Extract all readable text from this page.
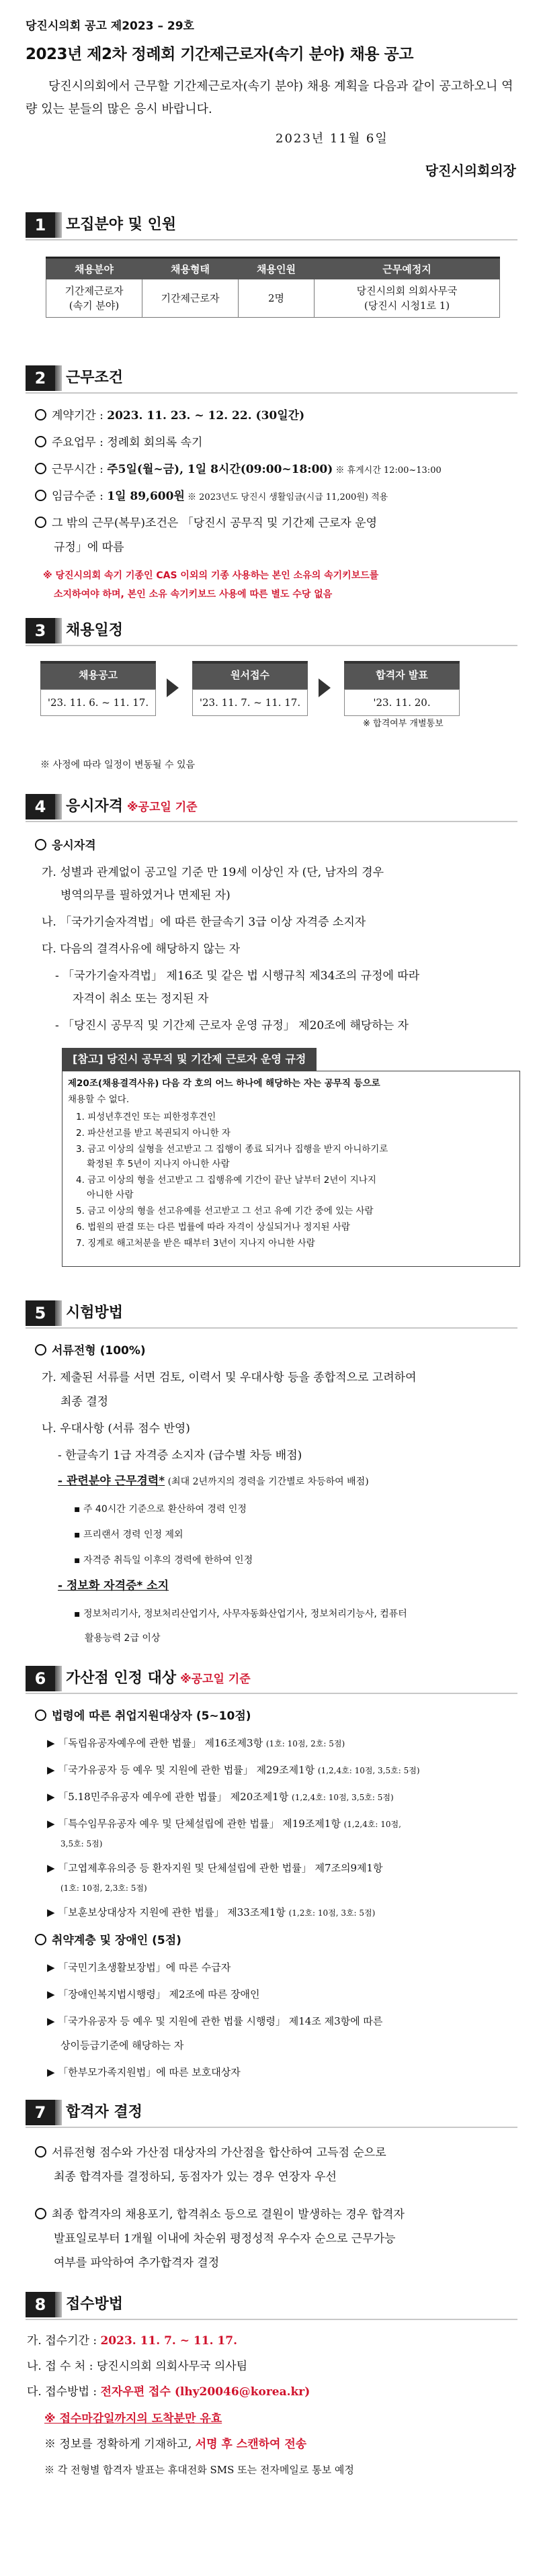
당진시의회 공고 제2023 – 29호
2023년 제2차 정례회 기간제근로자(속기 분야) 채용 공고
당진시의회에서 근무할 기간제근로자(속기 분야) 채용 계획을 다음과 같이 공고하오니 역량 있는 분들의 많은 응시 바랍니다.
2023년 11월 6일
당진시의회의장
1	모집분야 및 인원
채용분야	채용형태	채용인원	근무예정지
기간제근로자
(속기 분야)	기간제근로자	2명	당진시의회 의회사무국
(당진시 시청1로 1)
2	근무조건
계약기간 : 2023. 11. 23. ~ 12. 22. (30일간)
주요업무 : 정례회 회의록 속기
근무시간 : 주5일(월~금), 1일 8시간(09:00~18:00) ※ 휴게시간 12:00~13:00
임금수준 : 1일 89,600원 ※ 2023년도 당진시 생활임금(시급 11,200원) 적용
그 밖의 근무(복무)조건은 「당진시 공무직 및 기간제 근로자 운영
규정」에 따름
※ 당진시의회 속기 기종인 CAS 이외의 기종 사용하는 본인 소유의 속기키보드를
소지하여야 하며, 본인 소유 속기키보드 사용에 따른 별도 수당 없음
3	채용일정
채용공고
'23. 11. 6. ~ 11. 17.
원서접수
'23. 11. 7. ~ 11. 17.
합격자 발표
'23. 11. 20.
※ 합격여부 개별통보
※ 사정에 따라 일정이 변동될 수 있음
4	응시자격 ※공고일 기준
응시자격
가. 성별과 관계없이 공고일 기준 만 19세 이상인 자 (단, 남자의 경우
병역의무를 필하였거나 면제된 자)
나. 「국가기술자격법」에 따른 한글속기 3급 이상 자격증 소지자
다. 다음의 결격사유에 해당하지 않는 자
- 「국가기술자격법」 제16조 및 같은 법 시행규칙 제34조의 규정에 따라
자격이 취소 또는 정지된 자
- 「당진시 공무직 및 기간제 근로자 운영 규정」 제20조에 해당하는 자
[참고] 당진시 공무직 및 기간제 근로자 운영 규정
제20조(채용결격사유) 다음 각 호의 어느 하나에 해당하는 자는 공무직 등으로
채용할 수 없다.
1. 피성년후견인 또는 피한정후견인
2. 파산선고를 받고 복권되지 아니한 자
3. 금고 이상의 실형을 선고받고 그 집행이 종료 되거나 집행을 받지 아니하기로
확정된 후 5년이 지나지 아니한 사람
4. 금고 이상의 형을 선고받고 그 집행유예 기간이 끝난 날부터 2년이 지나지
아니한 사람
5. 금고 이상의 형을 선고유예를 선고받고 그 선고 유예 기간 중에 있는 사람
6. 법원의 판결 또는 다른 법률에 따라 자격이 상실되거나 정지된 사람
7. 징계로 해고처분을 받은 때부터 3년이 지나지 아니한 사람
5	시험방법
서류전형 (100%)
가. 제출된 서류를 서면 검토, 이력서 및 우대사항 등을 종합적으로 고려하여
최종 결정
나. 우대사항 (서류 점수 반영)
- 한글속기 1급 자격증 소지자 (급수별 차등 배점)
- 관련분야 근무경력* (최대 2년까지의 경력을 기간별로 차등하여 배점)
▪ 주 40시간 기준으로 환산하여 경력 인정
▪ 프리랜서 경력 인정 제외
▪ 자격증 취득일 이후의 경력에 한하여 인정
- 정보화 자격증* 소지
▪ 정보처리기사, 정보처리산업기사, 사무자동화산업기사, 정보처리기능사, 컴퓨터
활용능력 2급 이상
6	가산점 인정 대상 ※공고일 기준
법령에 따른 취업지원대상자 (5~10점)
▶ 「독립유공자예우에 관한 법률」 제16조제3항 (1호: 10점, 2호: 5점)
▶ 「국가유공자 등 예우 및 지원에 관한 법률」 제29조제1항 (1,2,4호: 10점, 3,5호: 5점)
▶ 「5.18민주유공자 예우에 관한 법률」 제20조제1항 (1,2,4호: 10점, 3,5호: 5점)
▶ 「특수임무유공자 예우 및 단체설립에 관한 법률」 제19조제1항 (1,2,4호: 10점,
3,5호: 5점)
▶ 「고엽제후유의증 등 환자지원 및 단체설립에 관한 법률」 제7조의9제1항
(1호: 10점, 2,3호: 5점)
▶ 「보훈보상대상자 지원에 관한 법률」 제33조제1항 (1,2호: 10점, 3호: 5점)
취약계층 및 장애인 (5점)
▶ 「국민기초생활보장법」에 따른 수급자
▶ 「장애인복지법시행령」 제2조에 따른 장애인
▶ 「국가유공자 등 예우 및 지원에 관한 법률 시행령」 제14조 제3항에 따른
상이등급기준에 해당하는 자
▶ 「한부모가족지원법」에 따른 보호대상자
7	합격자 결정
서류전형 점수와 가산점 대상자의 가산점을 합산하여 고득점 순으로
최종 합격자를 결정하되, 동점자가 있는 경우 연장자 우선
최종 합격자의 채용포기, 합격취소 등으로 결원이 발생하는 경우 합격자
발표일로부터 1개월 이내에 차순위 평정성적 우수자 순으로 근무가능
여부를 파악하여 추가합격자 결정
8	접수방법
가. 접수기간 : 2023. 11. 7. ~ 11. 17.
나. 접 수 처 : 당진시의회 의회사무국 의사팀
다. 접수방법 : 전자우편 접수 (lhy20046@korea.kr)
※ 접수마감일까지의 도착분만 유효
※ 정보를 정확하게 기재하고, 서명 후 스캔하여 전송
※ 각 전형별 합격자 발표는 휴대전화 SMS 또는 전자메일로 통보 예정
